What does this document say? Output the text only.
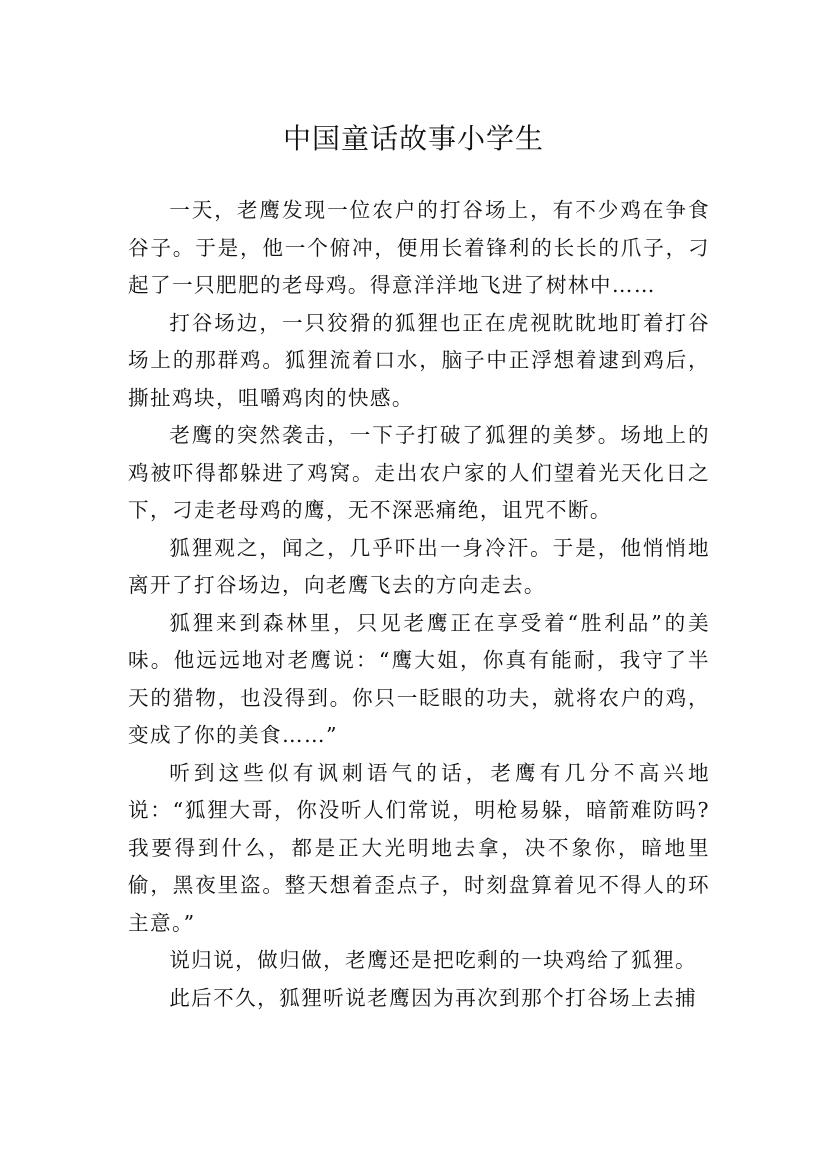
中国童话故事小学生

一天，老鹰发现一位农户的打谷场上，有不少鸡在争食谷子。于是，他一个俯冲，便用长着锋利的长长的爪子，刁起了一只肥肥的老母鸡。得意洋洋地飞进了树林中……

打谷场边，一只狡猾的狐狸也正在虎视眈眈地盯着打谷场上的那群鸡。狐狸流着口水，脑子中正浮想着逮到鸡后，撕扯鸡块，咀嚼鸡肉的快感。

老鹰的突然袭击，一下子打破了狐狸的美梦。场地上的鸡被吓得都躲进了鸡窝。走出农户家的人们望着光天化日之下，刁走老母鸡的鹰，无不深恶痛绝，诅咒不断。

狐狸观之，闻之，几乎吓出一身冷汗。于是，他悄悄地离开了打谷场边，向老鹰飞去的方向走去。

狐狸来到森林里，只见老鹰正在享受着“胜利品”的美味。他远远地对老鹰说：“鹰大姐，你真有能耐，我守了半天的猎物，也没得到。你只一眨眼的功夫，就将农户的鸡，变成了你的美食……”

听到这些似有讽刺语气的话，老鹰有几分不高兴地说：“狐狸大哥，你没听人们常说，明枪易躲，暗箭难防吗?我要得到什么，都是正大光明地去拿，决不象你，暗地里偷，黑夜里盗。整天想着歪点子，时刻盘算着见不得人的环主意。”

说归说，做归做，老鹰还是把吃剩的一块鸡给了狐狸。

此后不久，狐狸听说老鹰因为再次到那个打谷场上去捕
